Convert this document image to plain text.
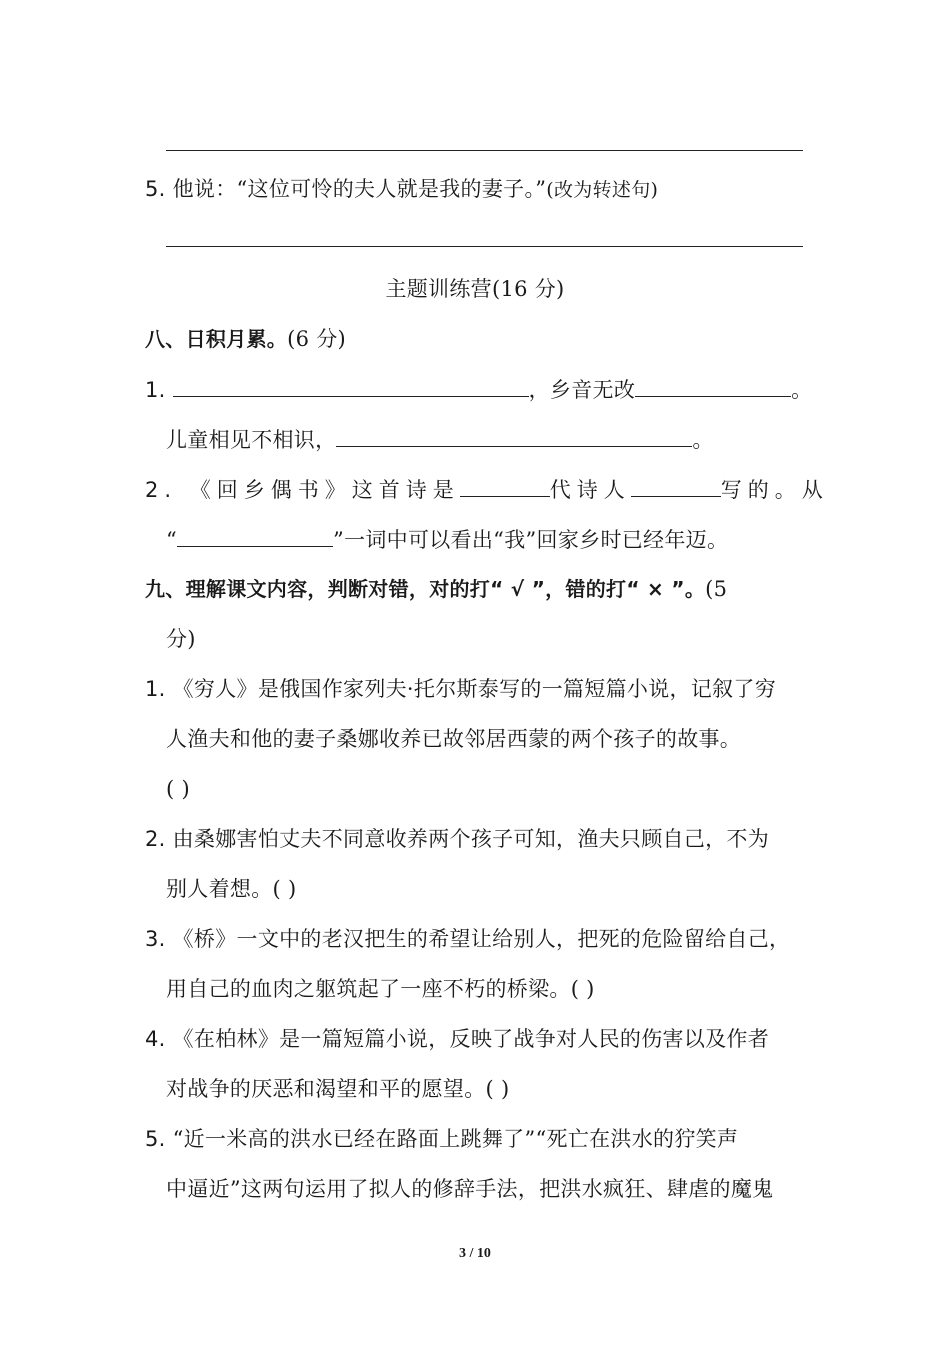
5. 他说：“这位可怜的夫人就是我的妻子。”(改为转述句)
主题训练营(16 分)
八、日积月累。(6 分)
1.	，乡音无改	。
儿童相见不相识，	。
2. 《回乡偶书》这首诗是	代诗人	写的。从
“	”一词中可以看出“我”回家乡时已经年迈。
九、理解课文内容，判断对错，对的打“ √ ”，错的打“ × ”。(5
分)
1. 《穷人》是俄国作家列夫·托尔斯泰写的一篇短篇小说，记叙了穷
人渔夫和他的妻子桑娜收养已故邻居西蒙的两个孩子的故事。
( )
2. 由桑娜害怕丈夫不同意收养两个孩子可知，渔夫只顾自己，不为
别人着想。( )
3. 《桥》一文中的老汉把生的希望让给别人，把死的危险留给自己，
用自己的血肉之躯筑起了一座不朽的桥梁。( )
4. 《在柏林》是一篇短篇小说，反映了战争对人民的伤害以及作者
对战争的厌恶和渴望和平的愿望。( )
5. “近一米高的洪水已经在路面上跳舞了”“死亡在洪水的狞笑声
中逼近”这两句运用了拟人的修辞手法，把洪水疯狂、肆虐的魔鬼
3 / 10
